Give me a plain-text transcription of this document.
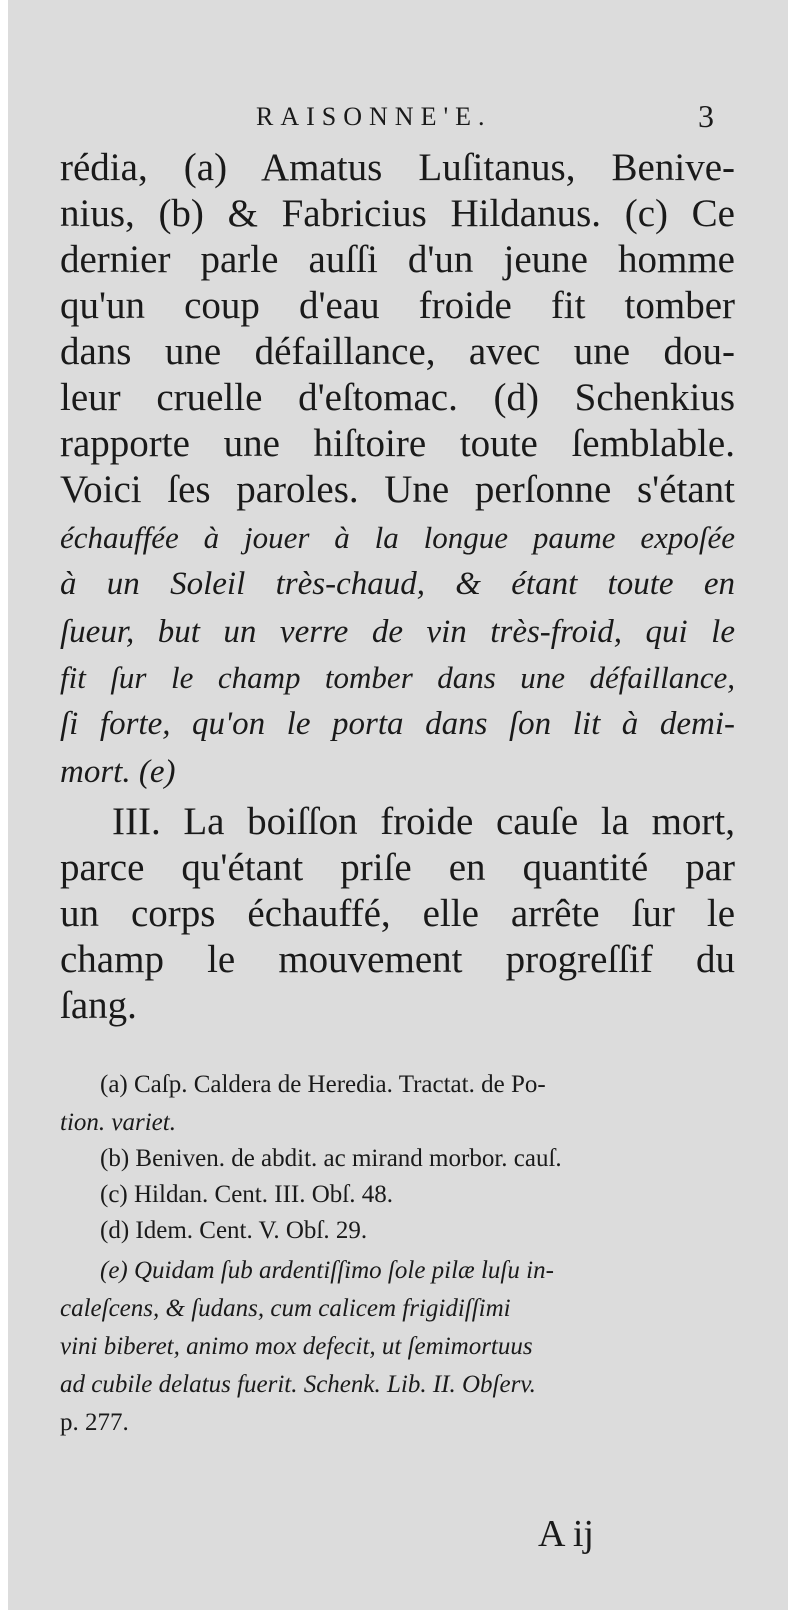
RAISONNE'E.	3
rédia, (a) Amatus Luſitanus, Benive-
nius, (b) & Fabricius Hildanus. (c) Ce
dernier parle auſſi d'un jeune homme
qu'un coup d'eau froide fit tomber
dans une défaillance, avec une dou-
leur cruelle d'eſtomac. (d) Schenkius
rapporte une hiſtoire toute ſemblable.
Voici ſes paroles. Une perſonne s'étant
échauffée à jouer à la longue paume expoſée
à un Soleil très-chaud, & étant toute en
ſueur, but un verre de vin très-froid, qui le
fit ſur le champ tomber dans une défaillance,
ſi forte, qu'on le porta dans ſon lit à demi-
mort. (e)
III. La boiſſon froide cauſe la mort,
parce qu'étant priſe en quantité par
un corps échauffé, elle arrête ſur le
champ le mouvement progreſſif du
ſang.
(a) Caſp. Caldera de Heredia. Tractat. de Po-
tion. variet.
(b) Beniven. de abdit. ac mirand morbor. cauſ.
(c) Hildan. Cent. III. Obſ. 48.
(d) Idem. Cent. V. Obſ. 29.
(e) Quidam ſub ardentiſſimo ſole pilæ luſu in-
caleſcens, & ſudans, cum calicem frigidiſſimi
vini biberet, animo mox defecit, ut ſemimortuus
ad cubile delatus fuerit. Schenk. Lib. II. Obſerv.
p. 277.
A ij
